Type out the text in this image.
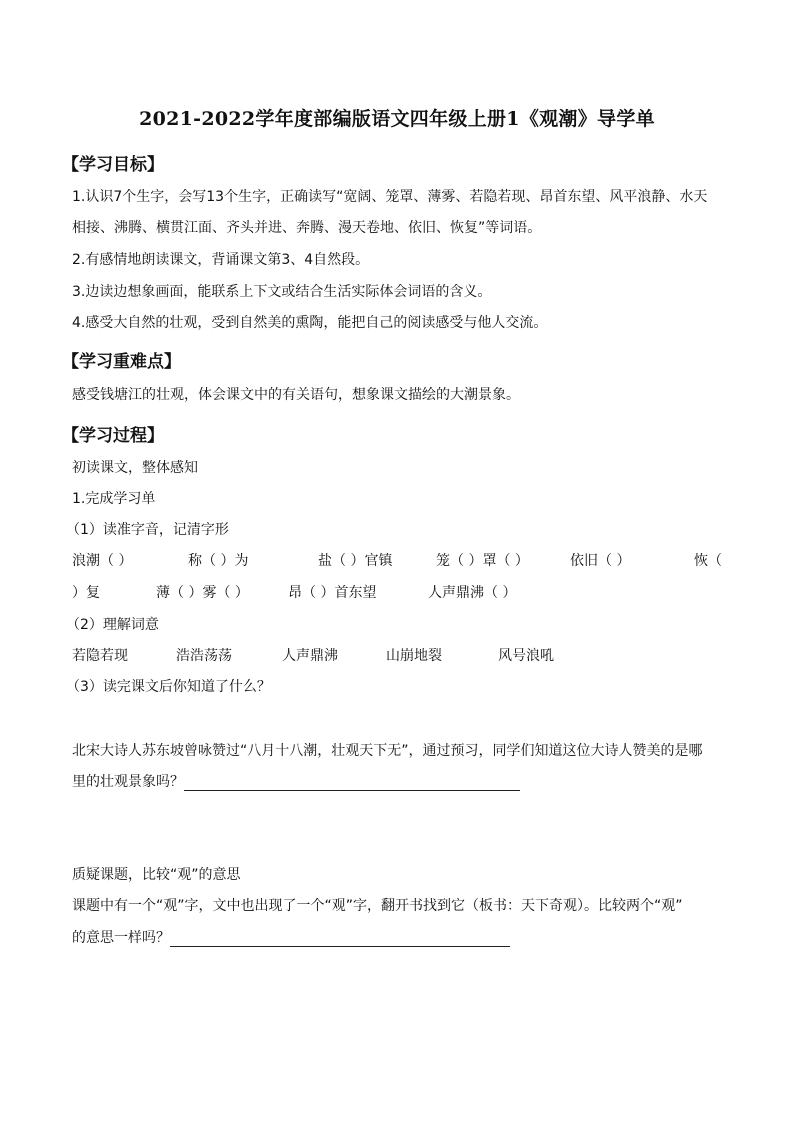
2021-2022学年度部编版语文四年级上册1《观潮》导学单
【学习目标】
1.认识7个生字，会写13个生字，正确读写“宽阔、笼罩、薄雾、若隐若现、昂首东望、风平浪静、水天
相接、沸腾、横贯江面、齐头并进、奔腾、漫天卷地、依旧、恢复”等词语。
2.有感情地朗读课文，背诵课文第3、4自然段。
3.边读边想象画面，能联系上下文或结合生活实际体会词语的含义。
4.感受大自然的壮观，受到自然美的熏陶，能把自己的阅读感受与他人交流。
【学习重难点】
感受钱塘江的壮观，体会课文中的有关语句，想象课文描绘的大潮景象。
【学习过程】
初读课文，整体感知
1.完成学习单
（1）读准字音，记清字形
浪潮（ ）	称（ ）为	盐（ ）官镇	笼（ ）罩（ ）	依旧（ ）	恢（
）复	薄（ ）雾（ ）	昂（ ）首东望	人声鼎沸（ ）
（2）理解词意
若隐若现	浩浩荡荡	人声鼎沸	山崩地裂	风号浪吼
（3）读完课文后你知道了什么？
北宋大诗人苏东坡曾咏赞过“八月十八潮，壮观天下无”，通过预习，同学们知道这位大诗人赞美的是哪
里的壮观景象吗？
质疑课题，比较“观”的意思
课题中有一个“观”字，文中也出现了一个“观”字，翻开书找到它（板书：天下奇观）。比较两个“观”
的意思一样吗？
